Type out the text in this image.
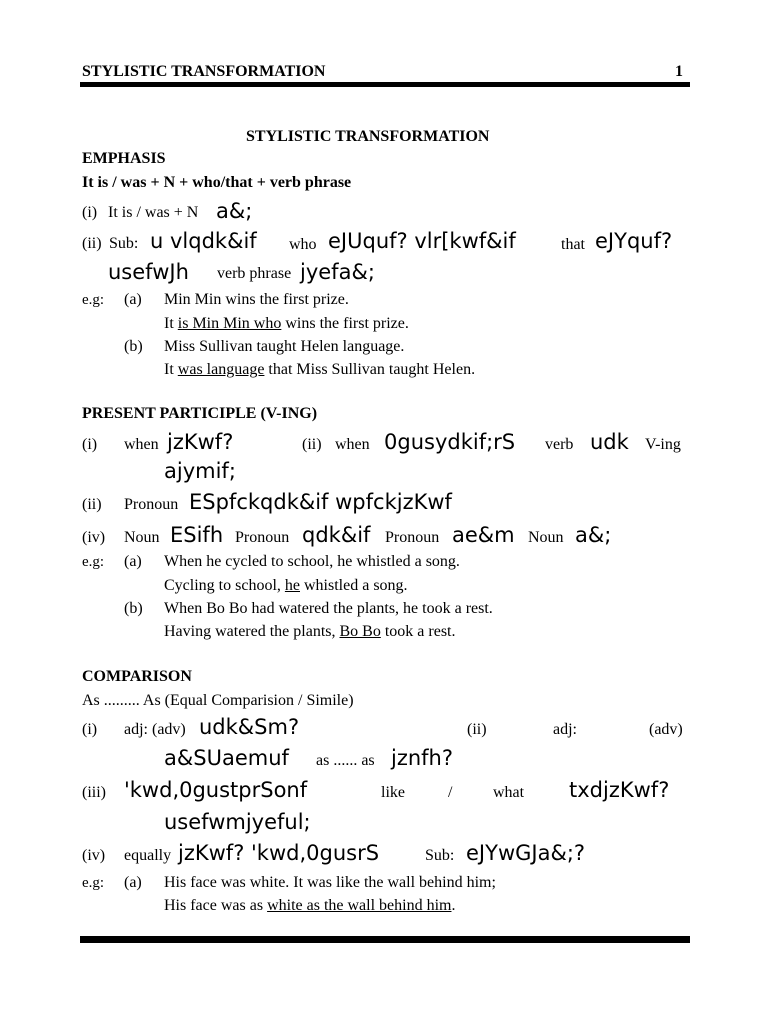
STYLISTIC TRANSFORMATION	1
STYLISTIC TRANSFORMATION
EMPHASIS
It is / was + N + who/that + verb phrase
(i) It is / was + N a&;
(ii) Sub: u vlqdk&if who eJUquf? vlr[kwf&if	that eJYquf?
usefwJh verb phrase jyefa&;
e.g: (a) Min Min wins the first prize.
It is Min Min who wins the first prize.
(b) Miss Sullivan taught Helen language.
It was language that Miss Sullivan taught Helen.
PRESENT PARTICIPLE (V-ING)
(i) when jzKwf?	(ii) when 0gusydkif;rS verb udk V-ing
ajymif;
(ii) Pronoun ESpfckqdk&if wpfckjzKwf
(iv) Noun ESifh Pronoun qdk&if Pronoun ae&m Noun a&;
e.g: (a) When he cycled to school, he whistled a song.
Cycling to school, he whistled a song.
(b) When Bo Bo had watered the plants, he took a rest.
Having watered the plants, Bo Bo took a rest.
COMPARISON
As ......... As (Equal Comparision / Simile)
(i) adj: (adv) udk&Sm?	(ii)	adj:	(adv)
a&SUaemuf as ...... as jznfh?
(iii) 'kwd,0gustprSonf	like	/	what txdjzKwf?
usefwmjyeful;
(iv) equally jzKwf? 'kwd,0gusrS	Sub: eJYwGJa&;?
e.g: (a) His face was white. It was like the wall behind him;
His face was as white as the wall behind him.
